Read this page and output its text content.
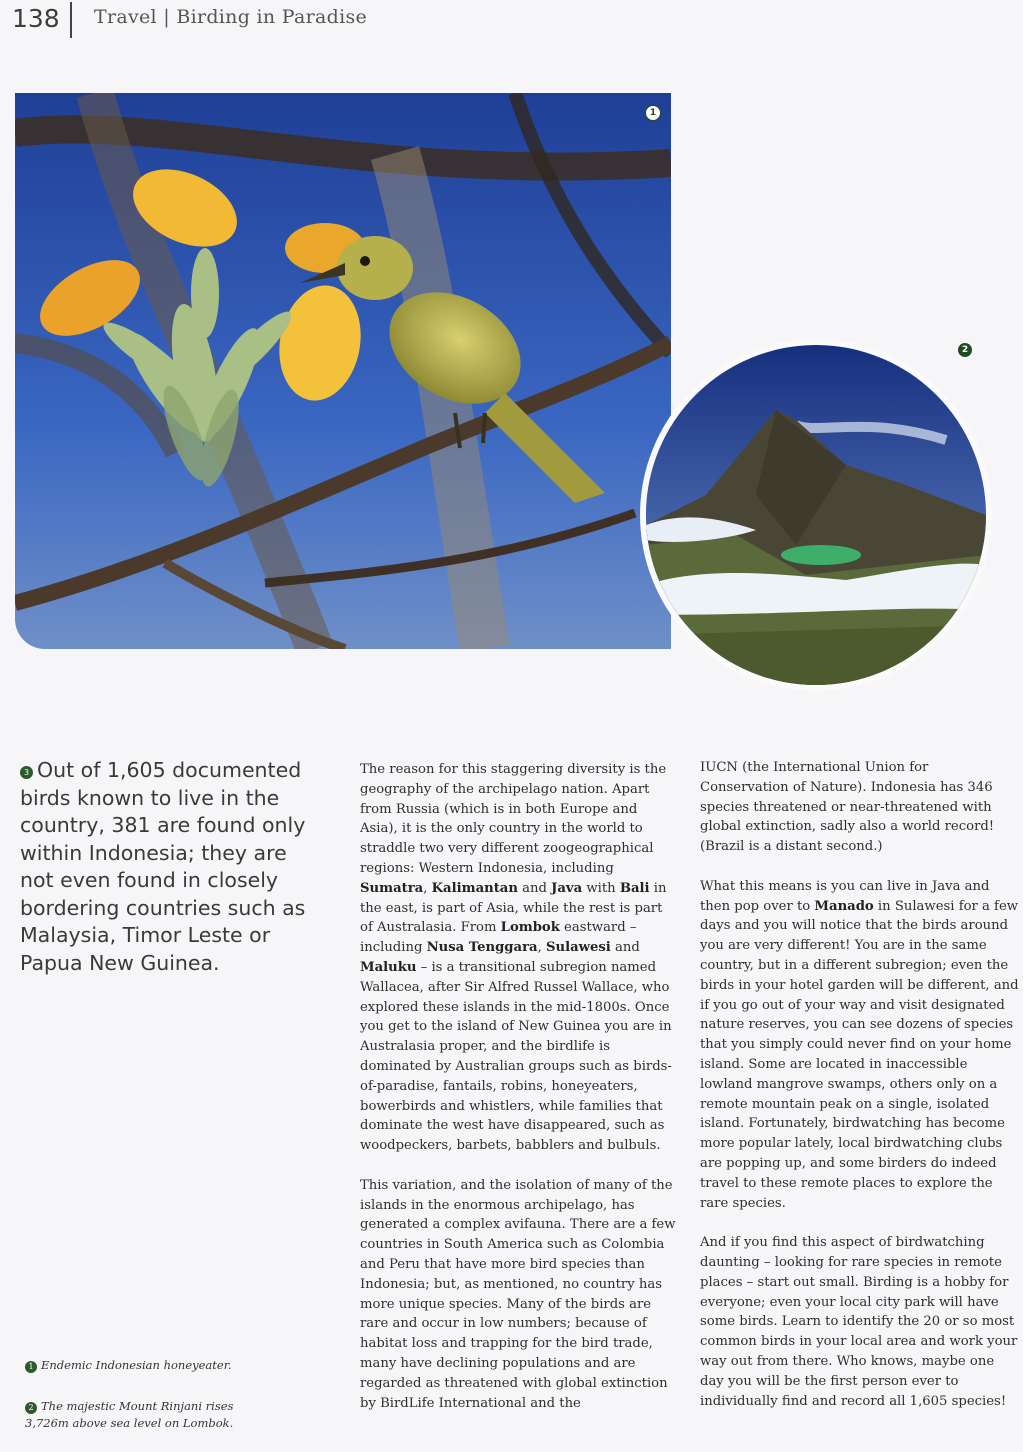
138 Travel | Birding in Paradise
1
2
3 Out of 1,605 documented birds known to live in the country, 381 are found only within Indonesia; they are not even found in closely bordering countries such as Malaysia, Timor Leste or Papua New Guinea.
1 Endemic Indonesian honeyeater.
2 The majestic Mount Rinjani rises 3,726m above sea level on Lombok.

The reason for this staggering diversity is the geography of the archipelago nation. Apart from Russia (which is in both Europe and Asia), it is the only country in the world to straddle two very different zoogeographical regions: Western Indonesia, including Sumatra, Kalimantan and Java with Bali in the east, is part of Asia, while the rest is part of Australasia. From Lombok eastward – including Nusa Tenggara, Sulawesi and Maluku – is a transitional subregion named Wallacea, after Sir Alfred Russel Wallace, who explored these islands in the mid-1800s. Once you get to the island of New Guinea you are in Australasia proper, and the birdlife is dominated by Australian groups such as birds-of-paradise, fantails, robins, honeyeaters, bowerbirds and whistlers, while families that dominate the west have disappeared, such as woodpeckers, barbets, babblers and bulbuls.

This variation, and the isolation of many of the islands in the enormous archipelago, has generated a complex avifauna. There are a few countries in South America such as Colombia and Peru that have more bird species than Indonesia; but, as mentioned, no country has more unique species. Many of the birds are rare and occur in low numbers; because of habitat loss and trapping for the bird trade, many have declining populations and are regarded as threatened with global extinction by BirdLife International and the

IUCN (the International Union for Conservation of Nature). Indonesia has 346 species threatened or near-threatened with global extinction, sadly also a world record! (Brazil is a distant second.)

What this means is you can live in Java and then pop over to Manado in Sulawesi for a few days and you will notice that the birds around you are very different! You are in the same country, but in a different subregion; even the birds in your hotel garden will be different, and if you go out of your way and visit designated nature reserves, you can see dozens of species that you simply could never find on your home island. Some are located in inaccessible lowland mangrove swamps, others only on a remote mountain peak on a single, isolated island. Fortunately, birdwatching has become more popular lately, local birdwatching clubs are popping up, and some birders do indeed travel to these remote places to explore the rare species.

And if you find this aspect of birdwatching daunting – looking for rare species in remote places – start out small. Birding is a hobby for everyone; even your local city park will have some birds. Learn to identify the 20 or so most common birds in your local area and work your way out from there. Who knows, maybe one day you will be the first person ever to individually find and record all 1,605 species!
